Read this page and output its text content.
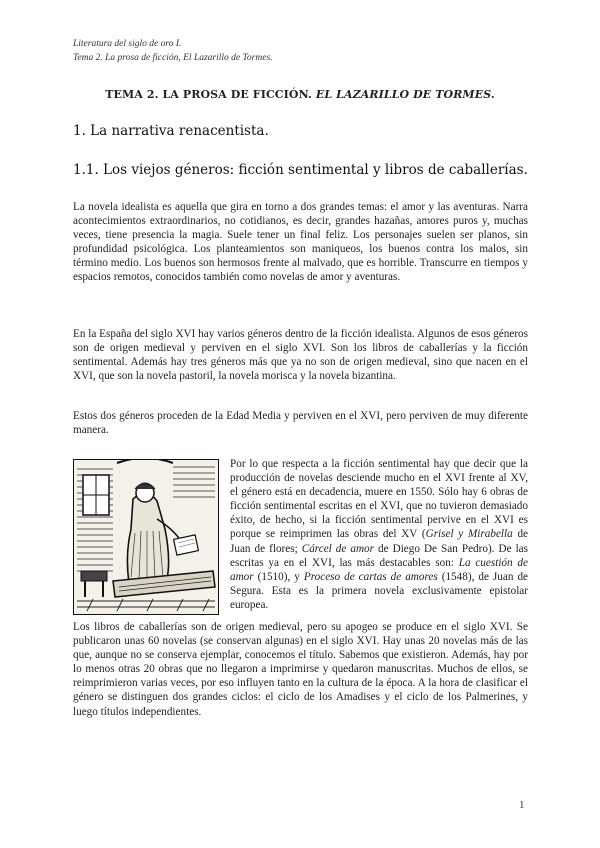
Literatura del siglo de oro I.
Tema 2. La prosa de ficción, El Lazarillo de Tormes.
TEMA 2. LA PROSA DE FICCIÓN. EL LAZARILLO DE TORMES.
1. La narrativa renacentista.
1.1. Los viejos géneros: ficción sentimental y libros de caballerías.
La novela idealista es aquella que gira en torno a dos grandes temas: el amor y las aventuras. Narra acontecimientos extraordinarios, no cotidianos, es decir, grandes hazañas, amores puros y, muchas veces, tiene presencia la magia. Suele tener un final feliz. Los personajes suelen ser planos, sin profundidad psicológica. Los planteamientos son maniqueos, los buenos contra los malos, sin término medio. Los buenos son hermosos frente al malvado, que es horrible. Transcurre en tiempos y espacios remotos, conocidos también como novelas de amor y aventuras.
En la España del siglo XVI hay varios géneros dentro de la ficción idealista. Algunos de esos géneros son de origen medieval y perviven en el siglo XVI. Son los libros de caballerías y la ficción sentimental. Además hay tres géneros más que ya no son de origen medieval, sino que nacen en el XVI, que son la novela pastoril, la novela morisca y la novela bizantina.
Estos dos géneros proceden de la Edad Media y perviven en el XVI, pero perviven de muy diferente manera.
Por lo que respecta a la ficción sentimental hay que decir que la producción de novelas desciende mucho en el XVI frente al XV, el género está en decadencia, muere en 1550. Sólo hay 6 obras de ficción sentimental escritas en el XVI, que no tuvieron demasiado éxito, de hecho, si la ficción sentimental pervive en el XVI es porque se reimprimen las obras del XV (Grisel y Mirabella de Juan de flores; Cárcel de amor de Diego De San Pedro). De las escritas ya en el XVI, las más destacables son: La cuestión de amor (1510), y Proceso de cartas de amores (1548), de Juan de Segura. Esta es la primera novela exclusivamente epistolar europea.
Los libros de caballerías son de origen medieval, pero su apogeo se produce en el siglo XVI. Se publicaron unas 60 novelas (se conservan algunas) en el siglo XVI. Hay unas 20 novelas más de las que, aunque no se conserva ejemplar, conocemos el título. Sabemos que existieron. Además, hay por lo menos otras 20 obras que no llegaron a imprimirse y quedaron manuscritas. Muchos de ellos, se reimprimieron varias veces, por eso influyen tanto en la cultura de la época. A la hora de clasificar el género se distinguen dos grandes ciclos: el ciclo de los Amadises y el ciclo de los Palmerines, y luego títulos independientes.
1
